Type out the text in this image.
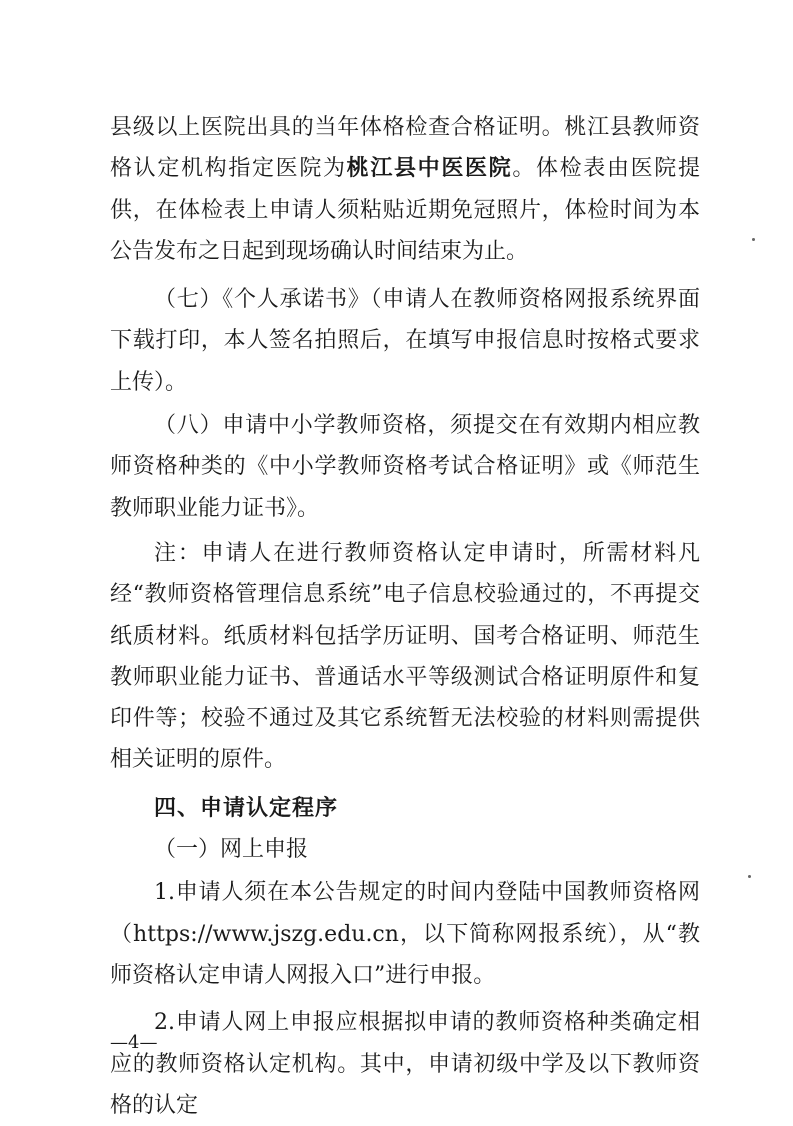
县级以上医院出具的当年体格检查合格证明。桃江县教师资格认定机构指定医院为桃江县中医医院。体检表由医院提供，在体检表上申请人须粘贴近期免冠照片，体检时间为本公告发布之日起到现场确认时间结束为止。

（七）《个人承诺书》（申请人在教师资格网报系统界面下载打印，本人签名拍照后，在填写申报信息时按格式要求上传）。

（八）申请中小学教师资格，须提交在有效期内相应教师资格种类的《中小学教师资格考试合格证明》或《师范生教师职业能力证书》。

注：申请人在进行教师资格认定申请时，所需材料凡经“教师资格管理信息系统”电子信息校验通过的，不再提交纸质材料。纸质材料包括学历证明、国考合格证明、师范生教师职业能力证书、普通话水平等级测试合格证明原件和复印件等；校验不通过及其它系统暂无法校验的材料则需提供相关证明的原件。

四、申请认定程序

（一）网上申报

1.申请人须在本公告规定的时间内登陆中国教师资格网（https://www.jszg.edu.cn，以下简称网报系统），从“教师资格认定申请人网报入口”进行申报。

2.申请人网上申报应根据拟申请的教师资格种类确定相应的教师资格认定机构。其中，申请初级中学及以下教师资格的认定

—4—
